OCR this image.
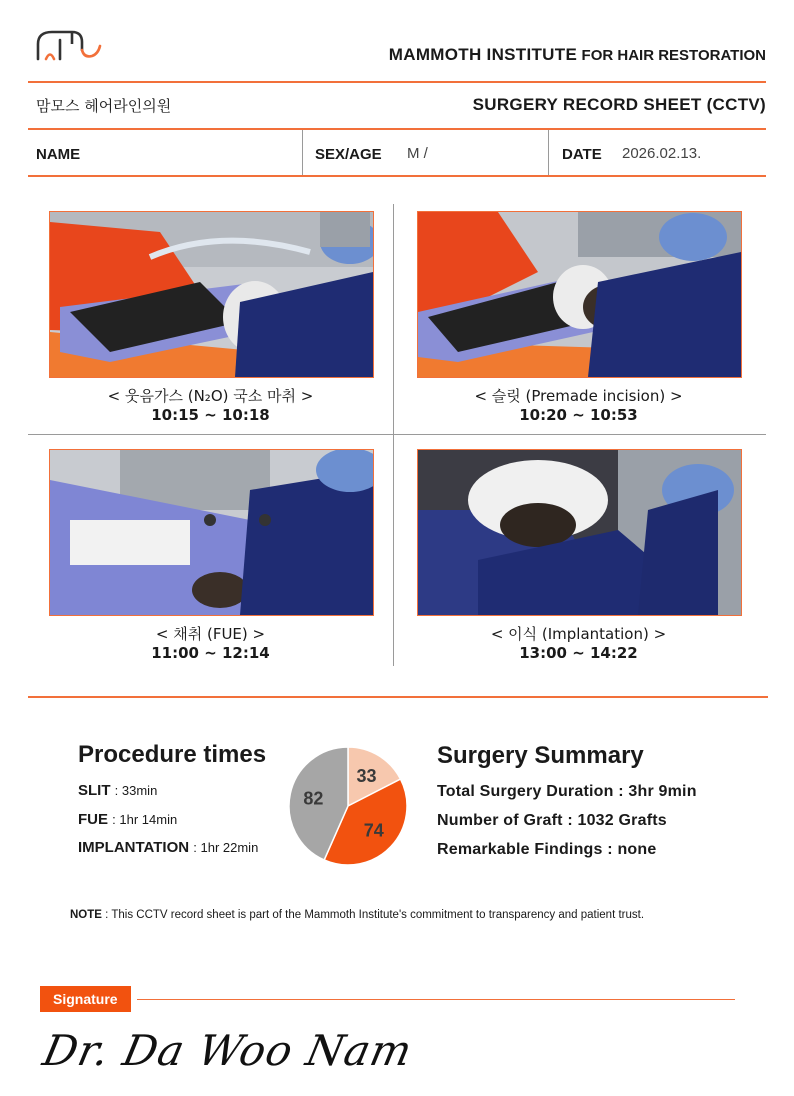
MAMMOTH INSTITUTE FOR HAIR RESTORATION
맘모스 헤어라인의원	SURGERY RECORD SHEET (CCTV)
NAME	SEX/AGE M /	DATE 2026.02.13.
< 웃음가스 (N₂O) 국소 마취 >
10:15 ~ 10:18
< 슬릿 (Premade incision) >
10:20 ~ 10:53
< 채취 (FUE) >
11:00 ~ 12:14
< 이식 (Implantation) >
13:00 ~ 14:22
Procedure times
SLIT : 33min
FUE : 1hr 14min
IMPLANTATION : 1hr 22min
33
74
82
Surgery Summary
Total Surgery Duration : 3hr 9min
Number of Graft : 1032 Grafts
Remarkable Findings : none
NOTE : This CCTV record sheet is part of the Mammoth Institute's commitment to transparency and patient trust.
Signature
Dr. Da Woo Nam
